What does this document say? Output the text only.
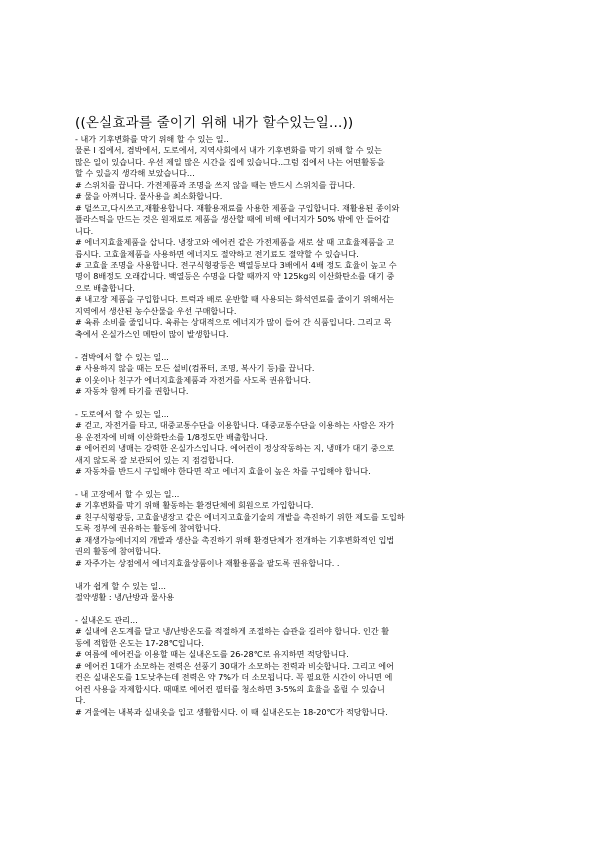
((온실효과를 줄이기 위해 내가 할수있는일...))
- 내가 기후변화를 막기 위해 할 수 있는 일..
물론 I 집에서, 겸박에서, 도로에서, 지역사회에서 내가 기후변화를 막기 위해 할 수 있는
많은 일이 있습니다. 우선 제일 많은 시간을 집에 있습니다..그럼 집에서 나는 어떤활동을
할 수 있을지 생각해 보았습니다...
# 스위치를 끕니다. 가전제품과 조명을 쓰지 않을 때는 반드시 스위치를 끕니다.
# 물을 아껴니다. 물사용을 최소화합니다.
# 덜쓰고,다시쓰고,재활용합니다. 재활용재료를 사용한 제품을 구입합니다. 재활용된 종이와
플라스틱을 만드는 것은 원재료로 제품을 생산할 때에 비해 에너지가 50% 밖에 안 들어갑
니다.
# 에너지효율제품을 삽니다. 냉장고와 에어컨 같은 가전제품을 새로 살 때 고효율제품을 고
릅시다. 고효율제품을 사용하면 에너지도 절약하고 전기료도 절약할 수 있습니다.
# 고효율 조명을 사용합니다. 전구식형광등은 백열등보다 3배에서 4배 정도 효율이 높고 수
명이 8배정도 오래갑니다. 백열등은 수명을 다할 때까지 약 125kg의 이산화탄소를 대기 중
으로 배출합니다.
# 내고장 제품을 구입합니다. 트럭과 배로 운반할 때 사용되는 화석연료를 줄이기 위해서는
지역에서 생산된 농수산물을 우선 구매합니다.
# 육류 소비를 줄입니다. 육류는 상대적으로 에너지가 많이 들어 간 식품입니다. 그리고 목
축에서 온실가스인 메탄이 많이 발생합니다.
- 겸박에서 할 수 있는 일...
# 사용하지 않을 때는 모든 설비(컴퓨터, 조명, 복사기 등)를 끕니다.
# 이웃이나 친구가 에너지효율제품과 자전거를 사도록 권유합니다.
# 자동차 함께 타기를 권합니다.
- 도로에서 할 수 있는 일...
# 걷고, 자전거를 타고, 대중교통수단을 이용합니다. 대중교통수단을 이용하는 사람은 자가
용 운전자에 비해 이산화탄소를 1/8정도만 배출합니다.
# 에어컨의 냉매는 강력한 온실가스입니다. 에어컨이 정상작동하는 지, 냉매가 대기 중으로
새지 않도록 잘 보관되어 있는 지 점검합니다.
# 자동차를 반드시 구입해야 한다면 작고 에너지 효율이 높은 차를 구입해야 합니다.
- 내 고장에서 할 수 있는 일...
# 기후변화를 막기 위해 활동하는 환경단체에 회원으로 가입합니다.
# 친구식형광등, 고효율냉장고 같은 에너지고효율기술의 개발을 촉진하기 위한 제도를 도입하
도록 정부에 권유하는 활동에 참여합니다.
# 재생가능에너지의 개발과 생산을 촉진하기 위해 환경단체가 전개하는 기후변화적인 입법
권의 활동에 참여합니다.
# 자주가는 상점에서 에너지효율상품이나 재활용품을 팔도록 권유합니다. .
내가 쉽게 할 수 있는 일...
절약생활 : 냉/난방과 물사용
- 실내온도 관리...
# 실내에 온도계를 달고 냉/난방온도를 적절하게 조절하는 습관을 길러야 합니다. 인간 활
동에 적합한 온도는 17-28℃입니다.
# 여름에 에어컨을 이용할 때는 실내온도를 26-28℃로 유지하면 적당합니다.
# 에어컨 1대가 소모하는 전력은 선풍기 30대가 소모하는 전력과 비슷합니다. 그리고 에어
컨은 실내온도를 1도낮추는데 전력은 약 7%가 더 소모됩니다. 꼭 필요한 시간이 아니면 에
어컨 사용을 자제합시다. 때때로 에어컨 필터를 청소하면 3-5%의 효율을 올릴 수 있습니
다.
# 겨울에는 내복과 실내옷을 입고 생활합시다. 이 때 실내온도는 18-20℃가 적당합니다.
